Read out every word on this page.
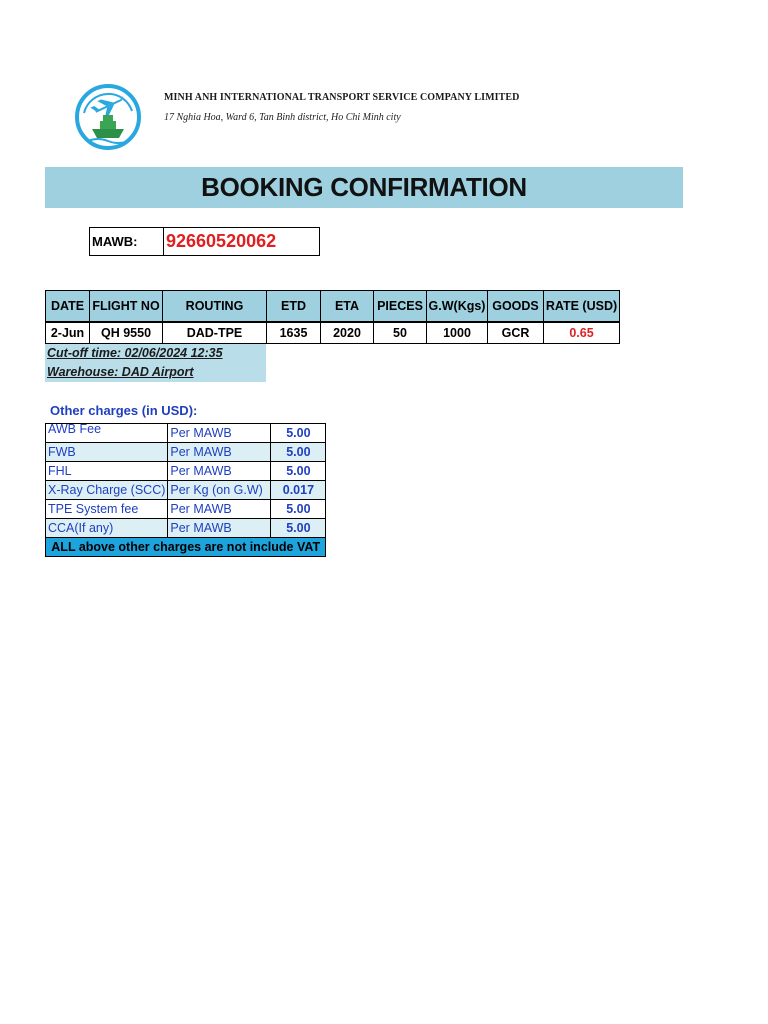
MINH ANH INTERNATIONAL TRANSPORT SERVICE COMPANY LIMITED
17 Nghia Hoa, Ward 6, Tan Binh district, Ho Chi Minh city
BOOKING CONFIRMATION
MAWB:	92660520062
DATE	FLIGHT NO	ROUTING	ETD	ETA	PIECES	G.W(Kgs)	GOODS	RATE (USD)
2-Jun	QH 9550	DAD-TPE	1635	2020	50	1000	GCR	0.65
Cut-off time: 02/06/2024 12:35
Warehouse: DAD Airport
Other charges (in USD):
AWB Fee	Per MAWB	5.00
FWB	Per MAWB	5.00
FHL	Per MAWB	5.00
X-Ray Charge (SCC)	Per Kg (on G.W)	0.017
TPE System fee	Per MAWB	5.00
CCA(If any)	Per MAWB	5.00
ALL above other charges are not include VAT		
